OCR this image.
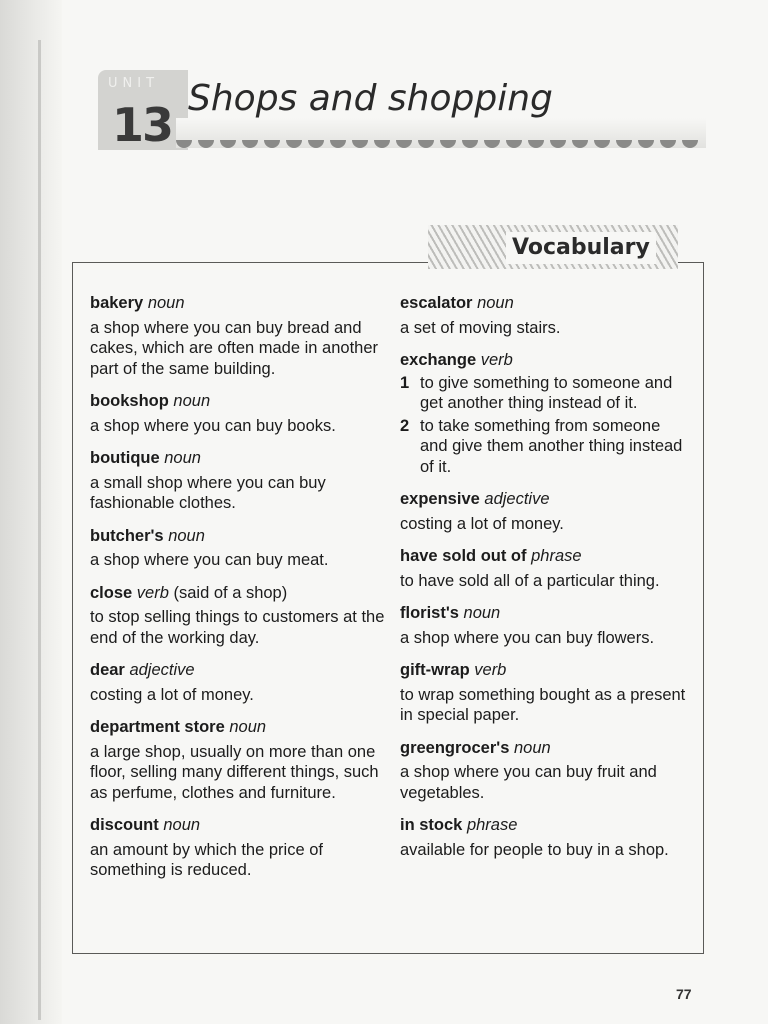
UNIT
13 Shops and shopping
Vocabulary
bakery noun
a shop where you can buy bread and cakes, which are often made in another part of the same building.
bookshop noun
a shop where you can buy books.
boutique noun
a small shop where you can buy fashionable clothes.
butcher's noun
a shop where you can buy meat.
close verb (said of a shop)
to stop selling things to customers at the end of the working day.
dear adjective
costing a lot of money.
department store noun
a large shop, usually on more than one floor, selling many different things, such as perfume, clothes and furniture.
discount noun
an amount by which the price of something is reduced.
escalator noun
a set of moving stairs.
exchange verb
1 to give something to someone and get another thing instead of it.
2 to take something from someone and give them another thing instead of it.
expensive adjective
costing a lot of money.
have sold out of phrase
to have sold all of a particular thing.
florist's noun
a shop where you can buy flowers.
gift-wrap verb
to wrap something bought as a present in special paper.
greengrocer's noun
a shop where you can buy fruit and vegetables.
in stock phrase
available for people to buy in a shop.
77
